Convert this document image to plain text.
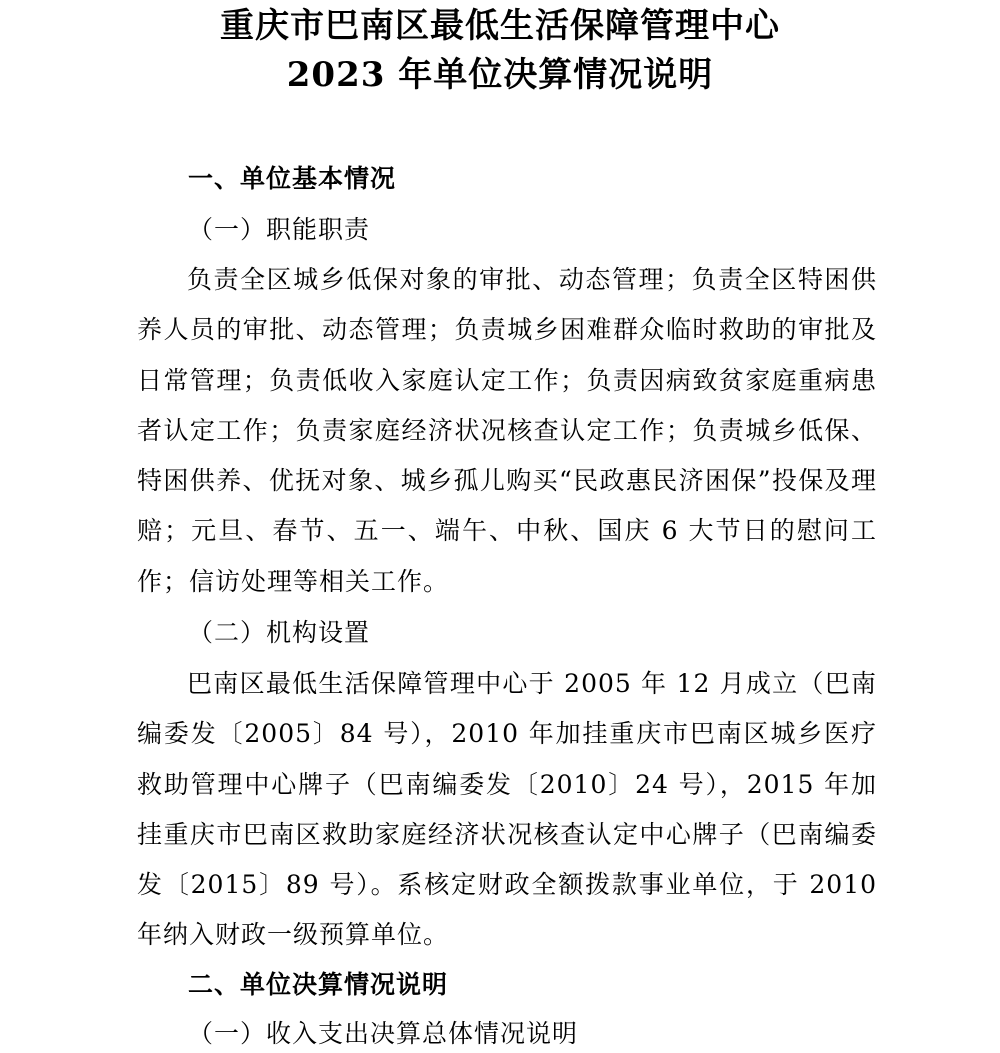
重庆市巴南区最低生活保障管理中心
2023 年单位决算情况说明
一、单位基本情况
（一）职能职责

负责全区城乡低保对象的审批、动态管理；负责全区特困供养人员的审批、动态管理；负责城乡困难群众临时救助的审批及日常管理；负责低收入家庭认定工作；负责因病致贫家庭重病患者认定工作；负责家庭经济状况核查认定工作；负责城乡低保、特困供养、优抚对象、城乡孤儿购买“民政惠民济困保”投保及理赔；元旦、春节、五一、端午、中秋、国庆 6 大节日的慰问工作；信访处理等相关工作。

（二）机构设置

巴南区最低生活保障管理中心于 2005 年 12 月成立（巴南编委发〔2005〕84 号），2010 年加挂重庆市巴南区城乡医疗救助管理中心牌子（巴南编委发〔2010〕24 号），2015 年加挂重庆市巴南区救助家庭经济状况核查认定中心牌子（巴南编委发〔2015〕89 号）。系核定财政全额拨款事业单位，于 2010 年纳入财政一级预算单位。

二、单位决算情况说明
（一）收入支出决算总体情况说明
